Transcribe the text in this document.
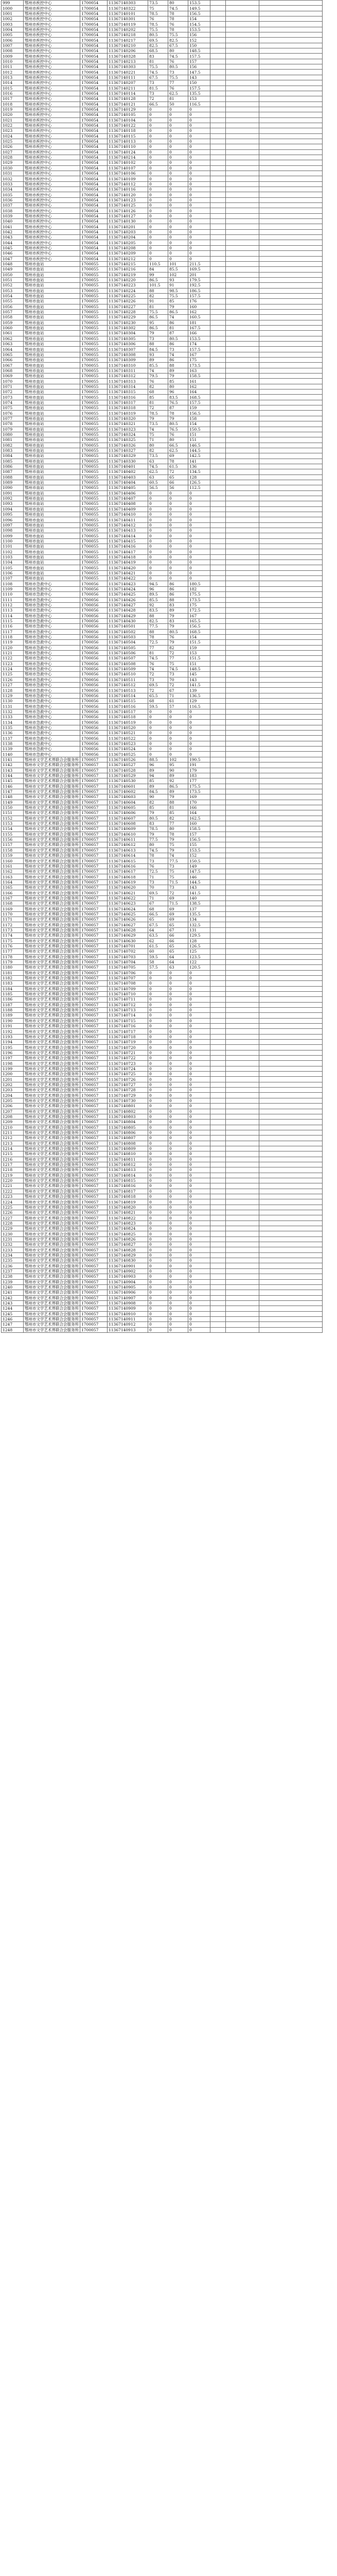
999	鄂州市疾控中心	1700054	11367140303	73.5	80	153.5			
1000	鄂州市疾控中心	1700054	11367140322	75	74.5	149.5			
1001	鄂州市疾控中心	1700054	11367140101	78.5	78	156.5			
1002	鄂州市疾控中心	1700054	11367140301	76	78	154			
1003	鄂州市疾控中心	1700054	11367140119	78.5	76	154.5			
1004	鄂州市疾控中心	1700054	11367140202	75.5	78	153.5			
1005	鄂州市疾控中心	1700054	11367140218	80.5	75.5	156			
1006	鄂州市疾控中心	1700054	11367140217	69.5	82.5	152			
1007	鄂州市疾控中心	1700054	11367140210	82.5	67.5	150			
1008	鄂州市疾控中心	1700054	11367140206	68.5	80	148.5			
1009	鄂州市疾控中心	1700054	11367140328	83	74.5	157.5			
1010	鄂州市疾控中心	1700054	11367140213	81	76	157			
1011	鄂州市疾控中心	1700054	11367140303	75.5	80.5	156			
1012	鄂州市疾控中心	1700054	11367140221	74.5	73	147.5			
1013	鄂州市疾控中心	1700054	11367140111	67.5	75.5	143			
1014	鄂州市疾控中心	1700054	11367140207	73	77	150			
1015	鄂州市疾控中心	1700054	11367140211	81.5	76	157.5			
1016	鄂州市疾控中心	1700054	11367140114	73	62.5	135.5			
1017	鄂州市疾控中心	1700054	11367140128	72	81	153			
1018	鄂州市疾控中心	1700054	11367140121	66.5	50	116.5			
1019	鄂州市疾控中心	1700054	11367140129	0	0	0			
1020	鄂州市疾控中心	1700054	11367140105	0	0	0			
1021	鄂州市疾控中心	1700054	11367140104	0	0	0			
1022	鄂州市疾控中心	1700054	11367140122	0	0	0			
1023	鄂州市疾控中心	1700054	11367140118	0	0	0			
1024	鄂州市疾控中心	1700054	11367140115	0	0	0			
1025	鄂州市疾控中心	1700054	11367140113	0	0	0			
1026	鄂州市疾控中心	1700054	11367140110	0	0	0			
1027	鄂州市疾控中心	1700054	11367140124	0	0	0			
1028	鄂州市疾控中心	1700054	11367140214	0	0	0			
1029	鄂州市疾控中心	1700054	11367140102	0	0	0			
1030	鄂州市疾控中心	1700054	11367140107	0	0	0			
1031	鄂州市疾控中心	1700054	11367140106	0	0	0			
1032	鄂州市疾控中心	1700054	11367140109	0	0	0			
1033	鄂州市疾控中心	1700054	11367140112	0	0	0			
1034	鄂州市疾控中心	1700054	11367140116	0	0	0			
1035	鄂州市疾控中心	1700054	11367140120	0	0	0			
1036	鄂州市疾控中心	1700054	11367140123	0	0	0			
1037	鄂州市疾控中心	1700054	11367140125	0	0	0			
1038	鄂州市疾控中心	1700054	11367140126	0	0	0			
1039	鄂州市疾控中心	1700054	11367140127	0	0	0			
1040	鄂州市疾控中心	1700054	11367140130	0	0	0			
1041	鄂州市疾控中心	1700054	11367140201	0	0	0			
1042	鄂州市疾控中心	1700054	11367140203	0	0	0			
1043	鄂州市疾控中心	1700054	11367140204	0	0	0			
1044	鄂州市疾控中心	1700054	11367140205	0	0	0			
1045	鄂州市疾控中心	1700054	11367140208	0	0	0			
1046	鄂州市疾控中心	1700054	11367140209	0	0	0			
1047	鄂州市疾控中心	1700054	11367140212	0	0	0			
1048	鄂州市血站	1700055	11367140215	110.5	101	211.5			
1049	鄂州市血站	1700055	11367140216	84	85.5	169.5			
1050	鄂州市血站	1700055	11367140219	99	102	201			
1051	鄂州市血站	1700055	11367140220	86.5	93	179.5			
1052	鄂州市血站	1700055	11367140223	101.5	91	192.5			
1053	鄂州市血站	1700055	11367140224	88	98.5	186.5			
1054	鄂州市血站	1700055	11367140225	82	75.5	157.5			
1055	鄂州市血站	1700055	11367140226	91	85	176			
1056	鄂州市血站	1700055	11367140227	81	79	160			
1057	鄂州市血站	1700055	11367140228	75.5	86.5	162			
1058	鄂州市血站	1700055	11367140229	86.5	74	160.5			
1059	鄂州市血站	1700055	11367140230	95	86	181			
1060	鄂州市血站	1700055	11367140302	86.5	81	167.5			
1061	鄂州市血站	1700055	11367140304	79	87	166			
1062	鄂州市血站	1700055	11367140305	73	80.5	153.5			
1063	鄂州市血站	1700055	11367140306	88	86	174			
1064	鄂州市血站	1700055	11367140307	84.5	73	157.5			
1065	鄂州市血站	1700055	11367140308	93	74	167			
1066	鄂州市血站	1700055	11367140309	89	86	175			
1067	鄂州市血站	1700055	11367140310	85.5	88	173.5			
1068	鄂州市血站	1700055	11367140311	74	89	163			
1069	鄂州市血站	1700055	11367140312	79.5	79	158.5			
1070	鄂州市血站	1700055	11367140313	76	85	161			
1071	鄂州市血站	1700055	11367140314	82	80	162			
1072	鄂州市血站	1700055	11367140315	68	96	164			
1073	鄂州市血站	1700055	11367140316	85	83.5	168.5			
1074	鄂州市血站	1700055	11367140317	81	76.5	157.5			
1075	鄂州市血站	1700055	11367140318	72	87	159			
1076	鄂州市血站	1700055	11367140319	78.5	78	156.5			
1077	鄂州市血站	1700055	11367140320	79	79	158			
1078	鄂州市血站	1700055	11367140321	73.5	80.5	154			
1079	鄂州市血站	1700055	11367140323	74	76.5	150.5			
1080	鄂州市血站	1700055	11367140324	75	76	151			
1081	鄂州市血站	1700055	11367140325	71	80	151			
1082	鄂州市血站	1700055	11367140326	80	66.5	146.5			
1083	鄂州市血站	1700055	11367140327	82	62.5	144.5			
1084	鄂州市血站	1700055	11367140329	73.5	69	142.5			
1085	鄂州市血站	1700055	11367140330	63	78	141			
1086	鄂州市血站	1700055	11367140401	74.5	61.5	136			
1087	鄂州市血站	1700055	11367140402	62.5	72	134.5			
1088	鄂州市血站	1700055	11367140403	63	65	128			
1089	鄂州市血站	1700055	11367140404	60.5	66	126.5			
1090	鄂州市血站	1700055	11367140405	56.5	56	112.5			
1091	鄂州市血站	1700055	11367140406	0	0	0			
1092	鄂州市血站	1700055	11367140407	0	0	0			
1093	鄂州市血站	1700055	11367140408	0	0	0			
1094	鄂州市血站	1700055	11367140409	0	0	0			
1095	鄂州市血站	1700055	11367140410	0	0	0			
1096	鄂州市血站	1700055	11367140411	0	0	0			
1097	鄂州市血站	1700055	11367140412	0	0	0			
1098	鄂州市血站	1700055	11367140413	0	0	0			
1099	鄂州市血站	1700055	11367140414	0	0	0			
1100	鄂州市血站	1700055	11367140415	0	0	0			
1101	鄂州市血站	1700055	11367140416	0	0	0			
1102	鄂州市血站	1700055	11367140417	0	0	0			
1103	鄂州市血站	1700055	11367140418	0	0	0			
1104	鄂州市血站	1700055	11367140419	0	0	0			
1105	鄂州市血站	1700055	11367140420	0	0	0			
1106	鄂州市血站	1700055	11367140421	0	0	0			
1107	鄂州市血站	1700055	11367140422	0	0	0			
1108	鄂州市急救中心	1700056	11367140423	94.5	86	180.5			
1109	鄂州市急救中心	1700056	11367140424	96	86	182			
1110	鄂州市急救中心	1700056	11367140425	89.5	86	175.5			
1111	鄂州市急救中心	1700056	11367140426	85.5	88	173.5			
1112	鄂州市急救中心	1700056	11367140427	92	83	175			
1113	鄂州市急救中心	1700056	11367140428	83.5	89	172.5			
1114	鄂州市急救中心	1700056	11367140429	88	79	167			
1115	鄂州市急救中心	1700056	11367140430	82.5	83	165.5			
1116	鄂州市急救中心	1700056	11367140501	77.5	79	156.5			
1117	鄂州市急救中心	1700056	11367140502	88	80.5	168.5			
1118	鄂州市急救中心	1700056	11367140503	78	76	154			
1119	鄂州市急救中心	1700056	11367140504	72.5	79	151.5			
1120	鄂州市急救中心	1700056	11367140505	77	82	159			
1121	鄂州市急救中心	1700056	11367140506	81	72	153			
1122	鄂州市急救中心	1700056	11367140507	74.5	77	151.5			
1123	鄂州市急救中心	1700056	11367140508	76	75	151			
1124	鄂州市急救中心	1700056	11367140509	74	74.5	148.5			
1125	鄂州市急救中心	1700056	11367140510	72	73	145			
1126	鄂州市急救中心	1700056	11367140511	73	70	143			
1127	鄂州市急救中心	1700056	11367140512	69.5	72	141.5			
1128	鄂州市急救中心	1700056	11367140513	72	67	139			
1129	鄂州市急救中心	1700056	11367140514	65.5	71	136.5			
1130	鄂州市急救中心	1700056	11367140515	68	61	129			
1131	鄂州市急救中心	1700056	11367140516	59.5	57	116.5			
1132	鄂州市急救中心	1700056	11367140517	0	0	0			
1133	鄂州市急救中心	1700056	11367140518	0	0	0			
1134	鄂州市急救中心	1700056	11367140519	0	0	0			
1135	鄂州市急救中心	1700056	11367140520	0	0	0			
1136	鄂州市急救中心	1700056	11367140521	0	0	0			
1137	鄂州市急救中心	1700056	11367140522	0	0	0			
1138	鄂州市急救中心	1700056	11367140523	0	0	0			
1139	鄂州市急救中心	1700056	11367140524	0	0	0			
1140	鄂州市急救中心	1700056	11367140525	0	0	0			
1141	鄂州市文学艺术界联合会服务所	1700057	11367140526	88.5	102	190.5			
1142	鄂州市文学艺术界联合会服务所	1700057	11367140527	96	95	191			
1143	鄂州市文学艺术界联合会服务所	1700057	11367140528	89	90	179			
1144	鄂州市文学艺术界联合会服务所	1700057	11367140529	94	89	183			
1145	鄂州市文学艺术界联合会服务所	1700057	11367140530	85	92	177			
1146	鄂州市文学艺术界联合会服务所	1700057	11367140601	89	86.5	175.5			
1147	鄂州市文学艺术界联合会服务所	1700057	11367140602	84.5	89	173.5			
1148	鄂州市文学艺术界联合会服务所	1700057	11367140603	90	79	169			
1149	鄂州市文学艺术界联合会服务所	1700057	11367140604	82	88	170			
1150	鄂州市文学艺术界联合会服务所	1700057	11367140605	85	81	166			
1151	鄂州市文学艺术界联合会服务所	1700057	11367140606	79	85	164			
1152	鄂州市文学艺术界联合会服务所	1700057	11367140607	80.5	82	162.5			
1153	鄂州市文学艺术界联合会服务所	1700057	11367140608	83	77	160			
1154	鄂州市文学艺术界联合会服务所	1700057	11367140609	78.5	80	158.5			
1155	鄂州市文学艺术界联合会服务所	1700057	11367140610	79	78	157			
1156	鄂州市文学艺术界联合会服务所	1700057	11367140611	77.5	79	156.5			
1157	鄂州市文学艺术界联合会服务所	1700057	11367140612	80	75	155			
1158	鄂州市文学艺术界联合会服务所	1700057	11367140613	74.5	79	153.5			
1159	鄂州市文学艺术界联合会服务所	1700057	11367140614	78	74	152			
1160	鄂州市文学艺术界联合会服务所	1700057	11367140615	73	77.5	150.5			
1161	鄂州市文学艺术界联合会服务所	1700057	11367140616	76	73	149			
1162	鄂州市文学艺术界联合会服务所	1700057	11367140617	72.5	75	147.5			
1163	鄂州市文学艺术界联合会服务所	1700057	11367140618	71	75	146			
1164	鄂州市文学艺术界联合会服务所	1700057	11367140619	73	71.5	144.5			
1165	鄂州市文学艺术界联合会服务所	1700057	11367140620	70	73	143			
1166	鄂州市文学艺术界联合会服务所	1700057	11367140621	69.5	72	141.5			
1167	鄂州市文学艺术界联合会服务所	1700057	11367140622	71	69	140			
1168	鄂州市文学艺术界联合会服务所	1700057	11367140623	67	71.5	138.5			
1169	鄂州市文学艺术界联合会服务所	1700057	11367140624	68	69	137			
1170	鄂州市文学艺术界联合会服务所	1700057	11367140625	66.5	69	135.5			
1171	鄂州市文学艺术界联合会服务所	1700057	11367140626	65	69	134			
1172	鄂州市文学艺术界联合会服务所	1700057	11367140627	67.5	65	132.5			
1173	鄂州市文学艺术界联合会服务所	1700057	11367140628	64	67	131			
1174	鄂州市文学艺术界联合会服务所	1700057	11367140629	63.5	66	129.5			
1175	鄂州市文学艺术界联合会服务所	1700057	11367140630	62	66	128			
1176	鄂州市文学艺术界联合会服务所	1700057	11367140701	61.5	65	126.5			
1177	鄂州市文学艺术界联合会服务所	1700057	11367140702	60	65	125			
1178	鄂州市文学艺术界联合会服务所	1700057	11367140703	59.5	64	123.5			
1179	鄂州市文学艺术界联合会服务所	1700057	11367140704	58	64	122			
1180	鄂州市文学艺术界联合会服务所	1700057	11367140705	57.5	63	120.5			
1181	鄂州市文学艺术界联合会服务所	1700057	11367140706	0	0	0			
1182	鄂州市文学艺术界联合会服务所	1700057	11367140707	0	0	0			
1183	鄂州市文学艺术界联合会服务所	1700057	11367140708	0	0	0			
1184	鄂州市文学艺术界联合会服务所	1700057	11367140709	0	0	0			
1185	鄂州市文学艺术界联合会服务所	1700057	11367140710	0	0	0			
1186	鄂州市文学艺术界联合会服务所	1700057	11367140711	0	0	0			
1187	鄂州市文学艺术界联合会服务所	1700057	11367140712	0	0	0			
1188	鄂州市文学艺术界联合会服务所	1700057	11367140713	0	0	0			
1189	鄂州市文学艺术界联合会服务所	1700057	11367140714	0	0	0			
1190	鄂州市文学艺术界联合会服务所	1700057	11367140715	0	0	0			
1191	鄂州市文学艺术界联合会服务所	1700057	11367140716	0	0	0			
1192	鄂州市文学艺术界联合会服务所	1700057	11367140717	0	0	0			
1193	鄂州市文学艺术界联合会服务所	1700057	11367140718	0	0	0			
1194	鄂州市文学艺术界联合会服务所	1700057	11367140719	0	0	0			
1195	鄂州市文学艺术界联合会服务所	1700057	11367140720	0	0	0			
1196	鄂州市文学艺术界联合会服务所	1700057	11367140721	0	0	0			
1197	鄂州市文学艺术界联合会服务所	1700057	11367140722	0	0	0			
1198	鄂州市文学艺术界联合会服务所	1700057	11367140723	0	0	0			
1199	鄂州市文学艺术界联合会服务所	1700057	11367140724	0	0	0			
1200	鄂州市文学艺术界联合会服务所	1700057	11367140725	0	0	0			
1201	鄂州市文学艺术界联合会服务所	1700057	11367140726	0	0	0			
1202	鄂州市文学艺术界联合会服务所	1700057	11367140727	0	0	0			
1203	鄂州市文学艺术界联合会服务所	1700057	11367140728	0	0	0			
1204	鄂州市文学艺术界联合会服务所	1700057	11367140729	0	0	0			
1205	鄂州市文学艺术界联合会服务所	1700057	11367140730	0	0	0			
1206	鄂州市文学艺术界联合会服务所	1700057	11367140801	0	0	0			
1207	鄂州市文学艺术界联合会服务所	1700057	11367140802	0	0	0			
1208	鄂州市文学艺术界联合会服务所	1700057	11367140803	0	0	0			
1209	鄂州市文学艺术界联合会服务所	1700057	11367140804	0	0	0			
1210	鄂州市文学艺术界联合会服务所	1700057	11367140805	0	0	0			
1211	鄂州市文学艺术界联合会服务所	1700057	11367140806	0	0	0			
1212	鄂州市文学艺术界联合会服务所	1700057	11367140807	0	0	0			
1213	鄂州市文学艺术界联合会服务所	1700057	11367140808	0	0	0			
1214	鄂州市文学艺术界联合会服务所	1700057	11367140809	0	0	0			
1215	鄂州市文学艺术界联合会服务所	1700057	11367140810	0	0	0			
1216	鄂州市文学艺术界联合会服务所	1700057	11367140811	0	0	0			
1217	鄂州市文学艺术界联合会服务所	1700057	11367140812	0	0	0			
1218	鄂州市文学艺术界联合会服务所	1700057	11367140813	0	0	0			
1219	鄂州市文学艺术界联合会服务所	1700057	11367140814	0	0	0			
1220	鄂州市文学艺术界联合会服务所	1700057	11367140815	0	0	0			
1221	鄂州市文学艺术界联合会服务所	1700057	11367140816	0	0	0			
1222	鄂州市文学艺术界联合会服务所	1700057	11367140817	0	0	0			
1223	鄂州市文学艺术界联合会服务所	1700057	11367140818	0	0	0			
1224	鄂州市文学艺术界联合会服务所	1700057	11367140819	0	0	0			
1225	鄂州市文学艺术界联合会服务所	1700057	11367140820	0	0	0			
1226	鄂州市文学艺术界联合会服务所	1700057	11367140821	0	0	0			
1227	鄂州市文学艺术界联合会服务所	1700057	11367140822	0	0	0			
1228	鄂州市文学艺术界联合会服务所	1700057	11367140823	0	0	0			
1229	鄂州市文学艺术界联合会服务所	1700057	11367140824	0	0	0			
1230	鄂州市文学艺术界联合会服务所	1700057	11367140825	0	0	0			
1231	鄂州市文学艺术界联合会服务所	1700057	11367140826	0	0	0			
1232	鄂州市文学艺术界联合会服务所	1700057	11367140827	0	0	0			
1233	鄂州市文学艺术界联合会服务所	1700057	11367140828	0	0	0			
1234	鄂州市文学艺术界联合会服务所	1700057	11367140829	0	0	0			
1235	鄂州市文学艺术界联合会服务所	1700057	11367140830	0	0	0			
1236	鄂州市文学艺术界联合会服务所	1700057	11367140901	0	0	0			
1237	鄂州市文学艺术界联合会服务所	1700057	11367140902	0	0	0			
1238	鄂州市文学艺术界联合会服务所	1700057	11367140903	0	0	0			
1239	鄂州市文学艺术界联合会服务所	1700057	11367140904	0	0	0			
1240	鄂州市文学艺术界联合会服务所	1700057	11367140905	0	0	0			
1241	鄂州市文学艺术界联合会服务所	1700057	11367140906	0	0	0			
1242	鄂州市文学艺术界联合会服务所	1700057	11367140907	0	0	0			
1243	鄂州市文学艺术界联合会服务所	1700057	11367140908	0	0	0			
1244	鄂州市文学艺术界联合会服务所	1700057	11367140909	0	0	0			
1245	鄂州市文学艺术界联合会服务所	1700057	11367140910	0	0	0			
1246	鄂州市文学艺术界联合会服务所	1700057	11367140911	0	0	0			
1247	鄂州市文学艺术界联合会服务所	1700057	11367140912	0	0	0			
1248	鄂州市文学艺术界联合会服务所	1700057	11367140913	0	0	0			
